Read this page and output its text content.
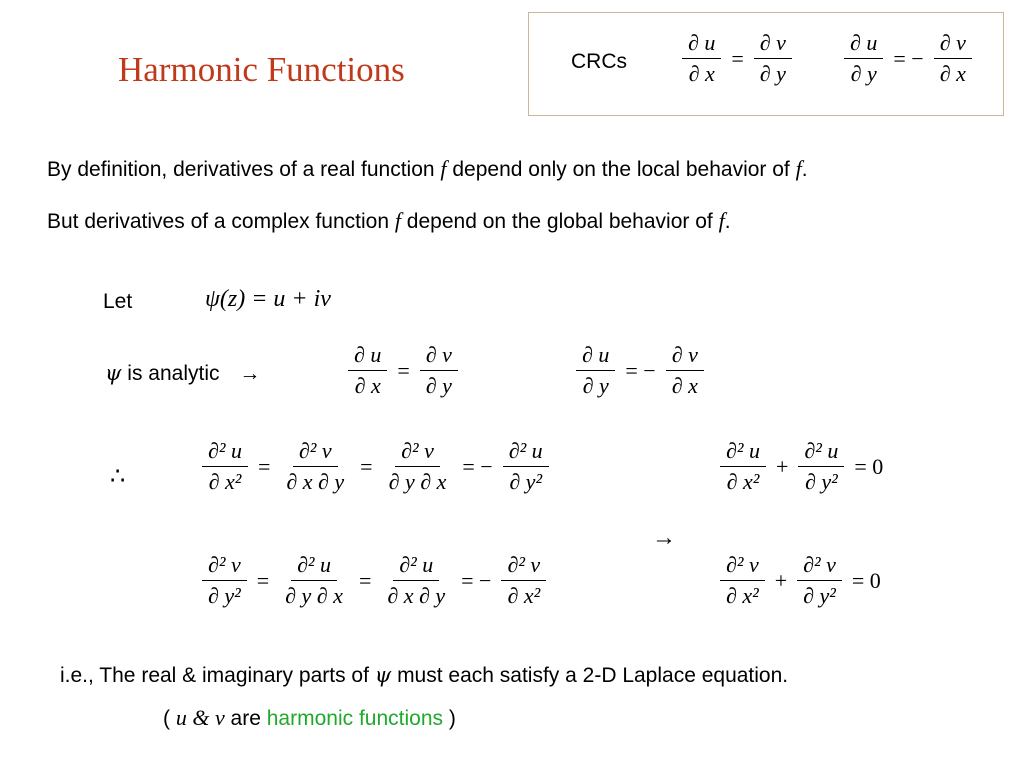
Harmonic Functions	CRCs	$\frac{\partial u}{\partial x} = \frac{\partial v}{\partial y} \frac{\partial u}{\partial y}$ = − $\frac{\partial v}{\partial x}$
By definition, derivatives of a real function f depend only on the local behavior of f.
But derivatives of a complex function f depend on the global behavior of f.
Let	ψ(z) = u + iv
ψ is analytic →	$\frac{\partial u}{\partial x} = \frac{\partial v}{\partial y}$	$\frac{\partial u}{\partial y}$ = − $\frac{\partial v}{\partial x}$
∴	$\frac{\text{∂² u}}{\text{∂ x²}} = \frac{\text{∂² v}}{\partial x \partial y} = \frac{\text{∂² v}}{\partial y \partial x}$ = − $\frac{\text{∂² u}}{\text{∂ y²}}$	$\frac{\text{∂² u}}{\text{∂ x²}} + \frac{\text{∂² u}}{\text{∂ y²}} = 0$
→
$\frac{\text{∂² v}}{\text{∂ y²}} = \frac{\text{∂² u}}{\partial y \partial x} = \frac{\text{∂² u}}{\partial x \partial y}$ = − $\frac{\text{∂² v}}{\text{∂ x²}}$	$\frac{\text{∂² v}}{\text{∂ x²}} + \frac{\text{∂² v}}{\text{∂ y²}} = 0$
i.e., The real & imaginary parts of ψ must each satisfy a 2-D Laplace equation.
( u & v are harmonic functions )
